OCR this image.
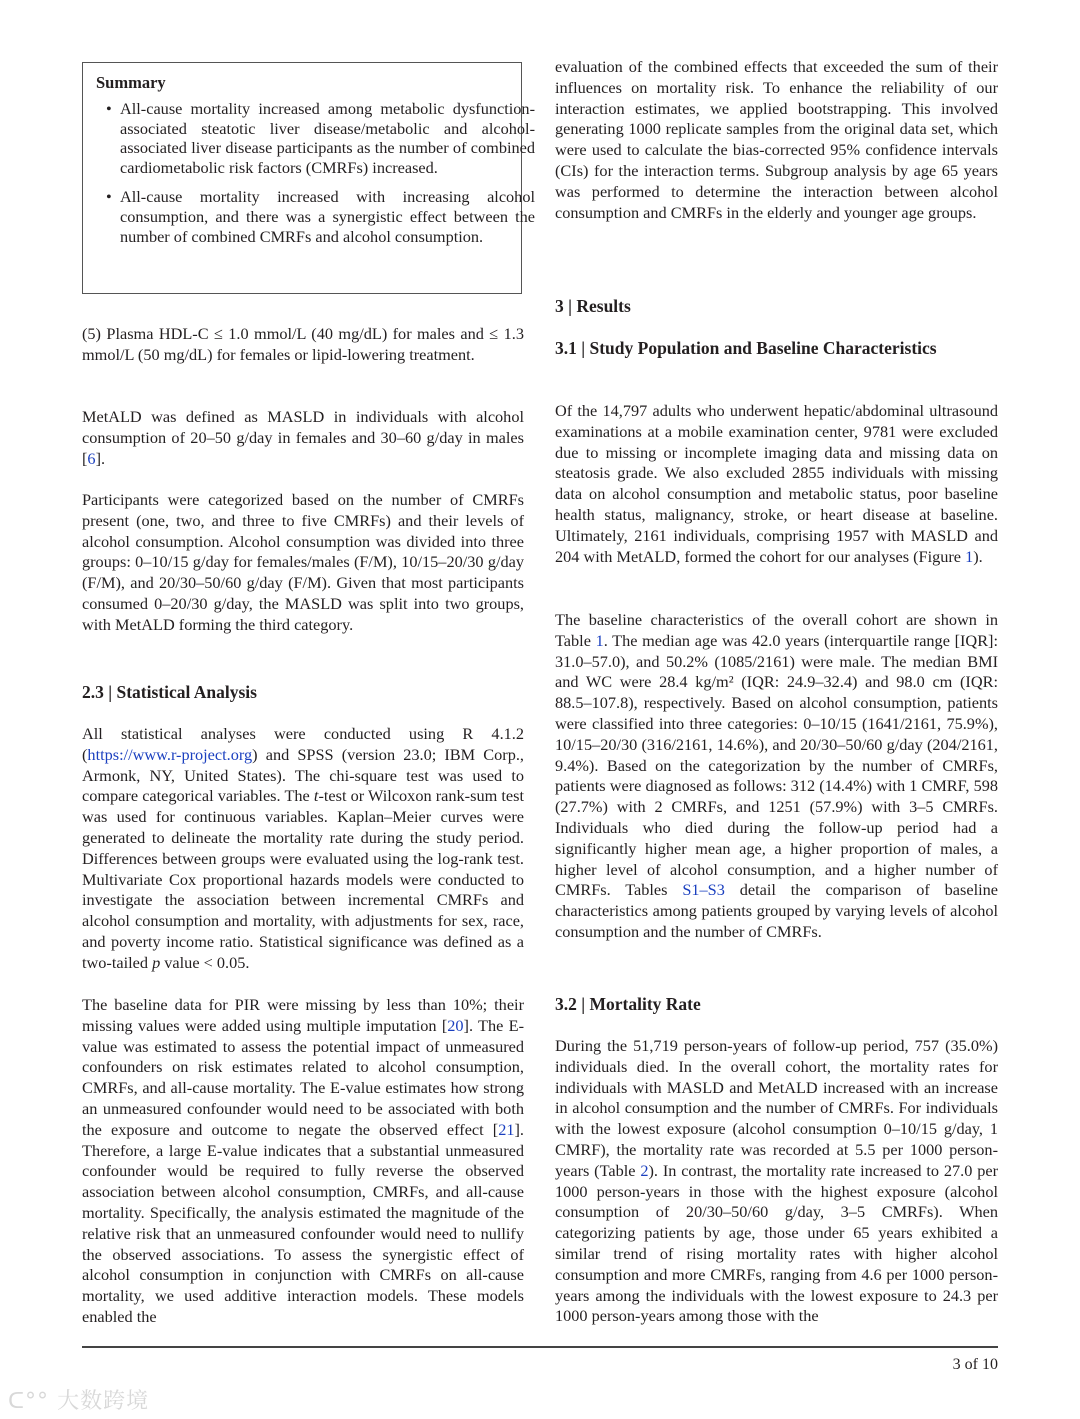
Summary
• All-cause mortality increased among metabolic dysfunction-associated steatotic liver disease/metabolic and alcohol-associated liver disease participants as the number of combined cardiometabolic risk factors (CMRFs) increased.
• All-cause mortality increased with increasing alcohol consumption, and there was a synergistic effect between the number of combined CMRFs and alcohol consumption.

(5) Plasma HDL-C ≤ 1.0 mmol/L (40 mg/dL) for males and ≤ 1.3 mmol/L (50 mg/dL) for females or lipid-lowering treatment.

MetALD was defined as MASLD in individuals with alcohol consumption of 20–50 g/day in females and 30–60 g/day in males [6].

Participants were categorized based on the number of CMRFs present (one, two, and three to five CMRFs) and their levels of alcohol consumption. Alcohol consumption was divided into three groups: 0–10/15 g/day for females/males (F/M), 10/15–20/30 g/day (F/M), and 20/30–50/60 g/day (F/M). Given that most participants consumed 0–20/30 g/day, the MASLD was split into two groups, with MetALD forming the third category.

2.3 | Statistical Analysis
All statistical analyses were conducted using R 4.1.2 (https://www.r-project.org) and SPSS (version 23.0; IBM Corp., Armonk, NY, United States). The chi-square test was used to compare categorical variables. The t-test or Wilcoxon rank-sum test was used for continuous variables. Kaplan–Meier curves were generated to delineate the mortality rate during the study period. Differences between groups were evaluated using the log-rank test. Multivariate Cox proportional hazards models were conducted to investigate the association between incremental CMRFs and alcohol consumption and mortality, with adjustments for sex, race, and poverty income ratio. Statistical significance was defined as a two-tailed p value < 0.05.
The baseline data for PIR were missing by less than 10%; their missing values were added using multiple imputation [20]. The E-value was estimated to assess the potential impact of unmeasured confounders on risk estimates related to alcohol consumption, CMRFs, and all-cause mortality. The E-value estimates how strong an unmeasured confounder would need to be associated with both the exposure and outcome to negate the observed effect [21]. Therefore, a large E-value indicates that a substantial unmeasured confounder would be required to fully reverse the observed association between alcohol consumption, CMRFs, and all-cause mortality. Specifically, the analysis estimated the magnitude of the relative risk that an unmeasured confounder would need to nullify the observed associations. To assess the synergistic effect of alcohol consumption in conjunction with CMRFs on all-cause mortality, we used additive interaction models. These models enabled the

evaluation of the combined effects that exceeded the sum of their influences on mortality risk. To enhance the reliability of our interaction estimates, we applied bootstrapping. This involved generating 1000 replicate samples from the original data set, which were used to calculate the bias-corrected 95% confidence intervals (CIs) for the interaction terms. Subgroup analysis by age 65 years was performed to determine the interaction between alcohol consumption and CMRFs in the elderly and younger age groups.

3 | Results
3.1 | Study Population and Baseline Characteristics
Of the 14,797 adults who underwent hepatic/abdominal ultrasound examinations at a mobile examination center, 9781 were excluded due to missing or incomplete imaging data and missing data on steatosis grade. We also excluded 2855 individuals with missing data on alcohol consumption and metabolic status, poor baseline health status, malignancy, stroke, or heart disease at baseline. Ultimately, 2161 individuals, comprising 1957 with MASLD and 204 with MetALD, formed the cohort for our analyses (Figure 1).
The baseline characteristics of the overall cohort are shown in Table 1. The median age was 42.0 years (interquartile range [IQR]: 31.0–57.0), and 50.2% (1085/2161) were male. The median BMI and WC were 28.4 kg/m² (IQR: 24.9–32.4) and 98.0 cm (IQR: 88.5–107.8), respectively. Based on alcohol consumption, patients were classified into three categories: 0–10/15 (1641/2161, 75.9%), 10/15–20/30 (316/2161, 14.6%), and 20/30–50/60 g/day (204/2161, 9.4%). Based on the categorization by the number of CMRFs, patients were diagnosed as follows: 312 (14.4%) with 1 CMRF, 598 (27.7%) with 2 CMRFs, and 1251 (57.9%) with 3–5 CMRFs. Individuals who died during the follow-up period had a significantly higher mean age, a higher proportion of males, a higher level of alcohol consumption, and a higher number of CMRFs. Tables S1–S3 detail the comparison of baseline characteristics among patients grouped by varying levels of alcohol consumption and the number of CMRFs.
3.2 | Mortality Rate
During the 51,719 person-years of follow-up period, 757 (35.0%) individuals died. In the overall cohort, the mortality rates for individuals with MASLD and MetALD increased with an increase in alcohol consumption and the number of CMRFs. For individuals with the lowest exposure (alcohol consumption 0–10/15 g/day, 1 CMRF), the mortality rate was recorded at 5.5 per 1000 person-years (Table 2). In contrast, the mortality rate increased to 27.0 per 1000 person-years in those with the highest exposure (alcohol consumption of 20/30–50/60 g/day, 3–5 CMRFs). When categorizing patients by age, those under 65 years exhibited a similar trend of rising mortality rates with higher alcohol consumption and more CMRFs, ranging from 4.6 per 1000 person-years among the individuals with the lowest exposure to 24.3 per 1000 person-years among those with the
3 of 10
ᑕ°° 大数跨境
